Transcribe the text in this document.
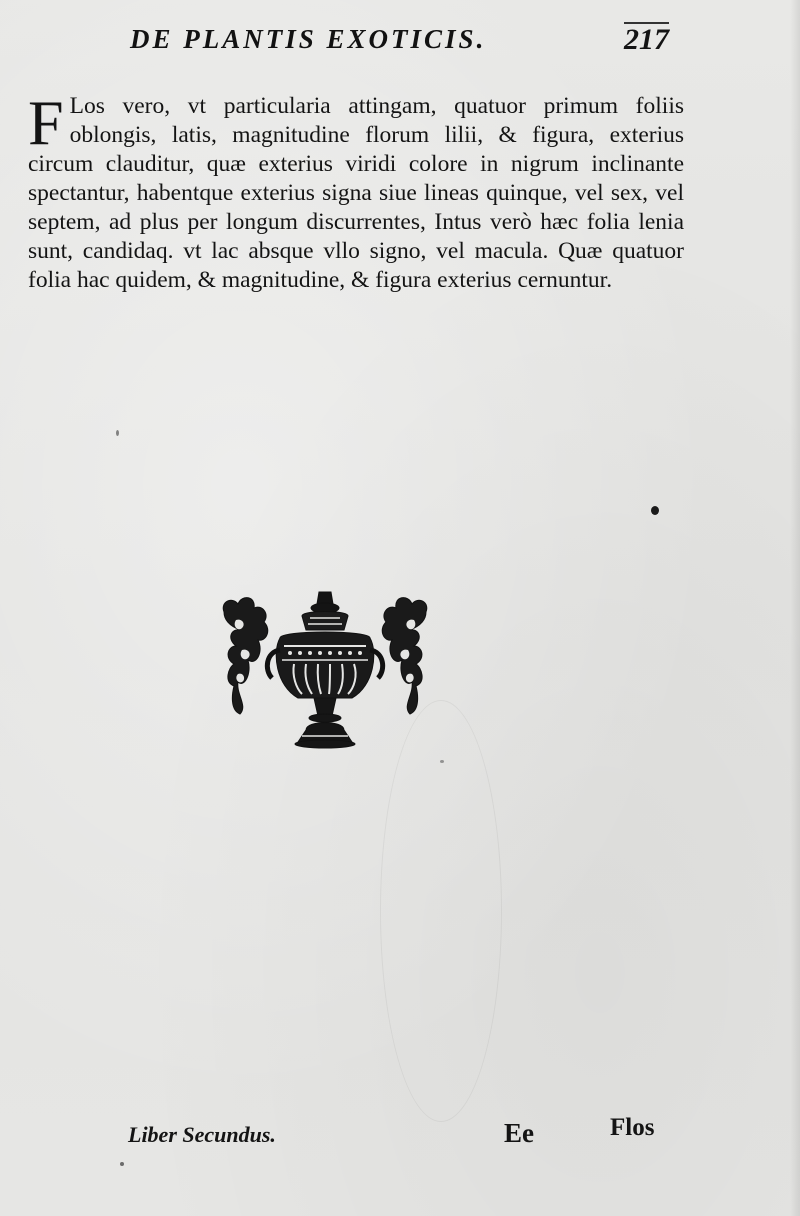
DE PLANTIS EXOTICIS.	217
F Los vero, vt particularia attingam, quatuor primum foliis oblongis, latis, magnitudine florum lilii, & figura, exterius circum clauditur, quæ exterius viridi colore in nigrum inclinante spectantur, habentque exterius signa siue lineas quinque, vel sex, vel septem, ad plus per longum discurrentes, Intus verò hæc folia lenia sunt, candidaq. vt lac absque vllo signo, vel macula. Quæ quatuor folia hac quidem, & magnitudine, & figura exterius cernuntur.
Liber Secundus.	Ee	Flos
